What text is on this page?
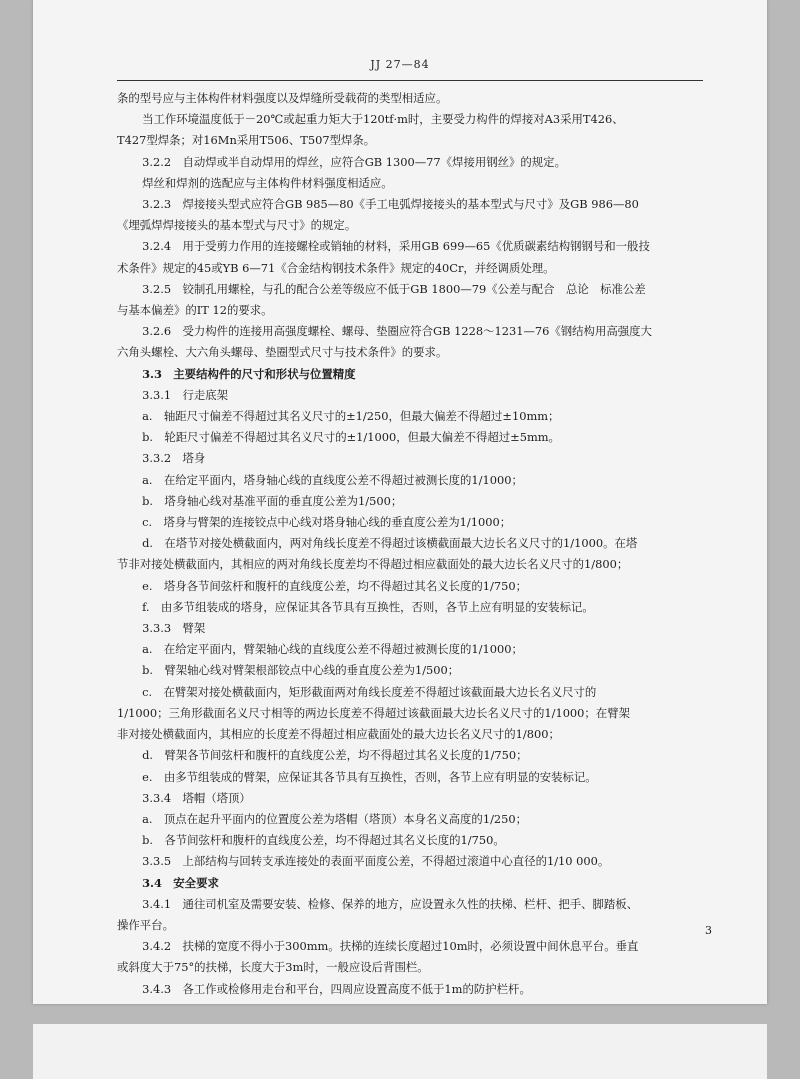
JJ 27—84

条的型号应与主体构件材料强度以及焊缝所受载荷的类型相适应。

当工作环境温度低于－20℃或起重力矩大于120tf·m时，主要受力构件的焊接对A3采用T426、

T427型焊条；对16Mn采用T506、T507型焊条。

3.2.2　自动焊或半自动焊用的焊丝，应符合GB 1300—77《焊接用钢丝》的规定。

焊丝和焊剂的选配应与主体构件材料强度相适应。

3.2.3　焊接接头型式应符合GB 985—80《手工电弧焊接接头的基本型式与尺寸》及GB 986—80

《埋弧焊焊接接头的基本型式与尺寸》的规定。

3.2.4　用于受剪力作用的连接螺栓或销轴的材料，采用GB 699—65《优质碳素结构钢钢号和一般技

术条件》规定的45或YB 6—71《合金结构钢技术条件》规定的40Cr，并经调质处理。

3.2.5　铰制孔用螺栓，与孔的配合公差等级应不低于GB 1800—79《公差与配合　总论　标准公差

与基本偏差》的IT 12的要求。

3.2.6　受力构件的连接用高强度螺栓、螺母、垫圈应符合GB 1228～1231—76《钢结构用高强度大

六角头螺栓、大六角头螺母、垫圈型式尺寸与技术条件》的要求。

3.3　主要结构件的尺寸和形状与位置精度

3.3.1　行走底架

a.　轴距尺寸偏差不得超过其名义尺寸的±1/250，但最大偏差不得超过±10mm；

b.　轮距尺寸偏差不得超过其名义尺寸的±1/1000，但最大偏差不得超过±5mm。

3.3.2　塔身

a.　在给定平面内，塔身轴心线的直线度公差不得超过被测长度的1/1000；

b.　塔身轴心线对基准平面的垂直度公差为1/500；

c.　塔身与臂架的连接铰点中心线对塔身轴心线的垂直度公差为1/1000；

d.　在塔节对接处横截面内，两对角线长度差不得超过该横截面最大边长名义尺寸的1/1000。在塔

节非对接处横截面内，其相应的两对角线长度差均不得超过相应截面处的最大边长名义尺寸的1/800；

e.　塔身各节间弦杆和腹杆的直线度公差，均不得超过其名义长度的1/750；

f.　由多节组装成的塔身，应保证其各节具有互换性，否则，各节上应有明显的安装标记。

3.3.3　臂架

a.　在给定平面内，臂架轴心线的直线度公差不得超过被测长度的1/1000；

b.　臂架轴心线对臂架根部铰点中心线的垂直度公差为1/500；

c.　在臂架对接处横截面内，矩形截面两对角线长度差不得超过该截面最大边长名义尺寸的

1/1000；三角形截面名义尺寸相等的两边长度差不得超过该截面最大边长名义尺寸的1/1000；在臂架

非对接处横截面内，其相应的长度差不得超过相应截面处的最大边长名义尺寸的1/800；

d.　臂架各节间弦杆和腹杆的直线度公差，均不得超过其名义长度的1/750；

e.　由多节组装成的臂架，应保证其各节具有互换性，否则，各节上应有明显的安装标记。

3.3.4　塔帽（塔顶）

a.　顶点在起升平面内的位置度公差为塔帽（塔顶）本身名义高度的1/250；

b.　各节间弦杆和腹杆的直线度公差，均不得超过其名义长度的1/750。

3.3.5　上部结构与回转支承连接处的表面平面度公差，不得超过滚道中心直径的1/10 000。

3.4　安全要求

3.4.1　通往司机室及需要安装、检修、保养的地方，应设置永久性的扶梯、栏杆、把手、脚踏板、

操作平台。

3.4.2　扶梯的宽度不得小于300mm。扶梯的连续长度超过10m时，必须设置中间休息平台。垂直

或斜度大于75°的扶梯，长度大于3m时，一般应设后背围栏。

3.4.3　各工作或检修用走台和平台，四周应设置高度不低于1m的防护栏杆。

3
